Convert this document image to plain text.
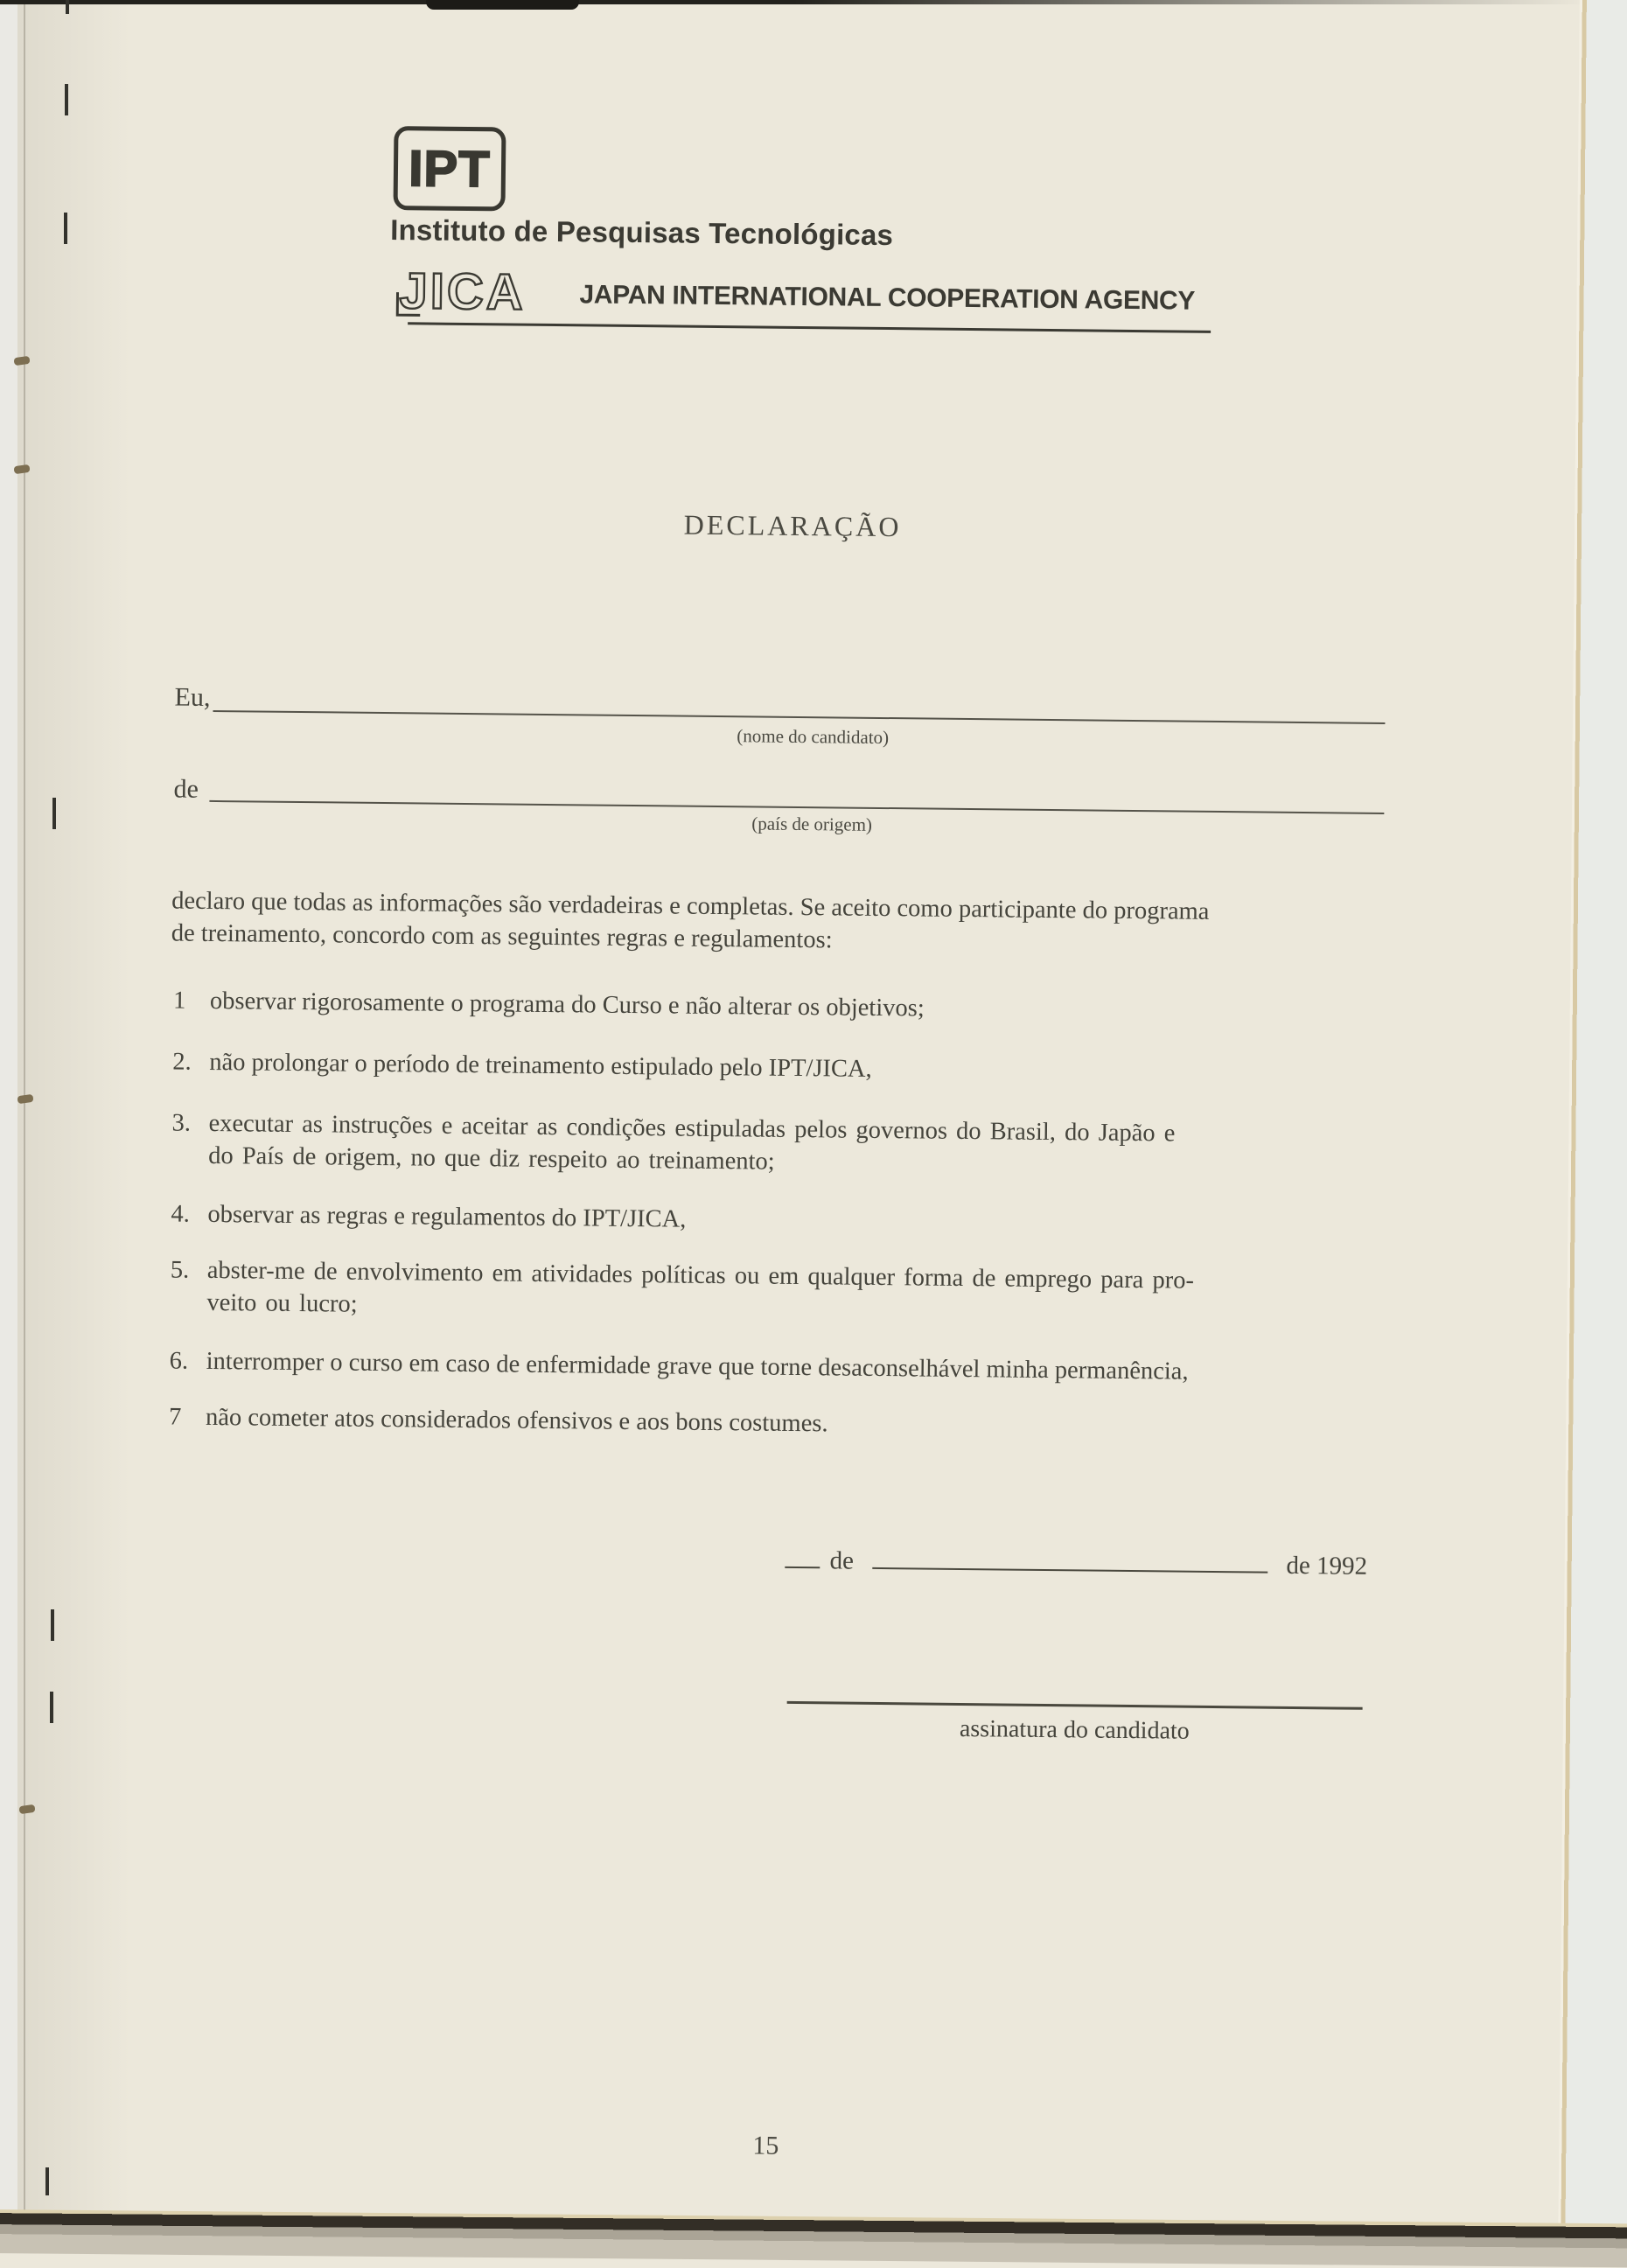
IPT
Instituto de Pesquisas Tecnológicas
JICA JAPAN INTERNATIONAL COOPERATION AGENCY
DECLARAÇÃO
Eu,
(nome do candidato)
de
(país de origem)
declaro que todas as informações são verdadeiras e completas. Se aceito como participante do programa
de treinamento, concordo com as seguintes regras e regulamentos:
1 observar rigorosamente o programa do Curso e não alterar os objetivos;
2. não prolongar o período de treinamento estipulado pelo IPT/JICA,
3. executar as instruções e aceitar as condições estipuladas pelos governos do Brasil, do Japão e
do País de origem, no que diz respeito ao treinamento;
4. observar as regras e regulamentos do IPT/JICA,
5. abster-me de envolvimento em atividades políticas ou em qualquer forma de emprego para pro-
veito ou lucro;
6. interromper o curso em caso de enfermidade grave que torne desaconselhável minha permanência,
7 não cometer atos considerados ofensivos e aos bons costumes.
de	de 1992
assinatura do candidato
15
